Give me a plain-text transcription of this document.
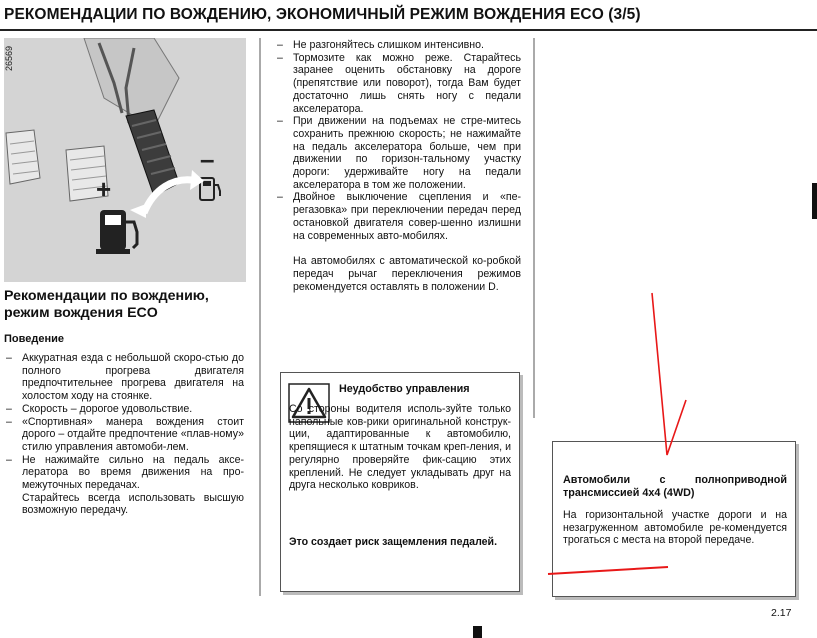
РЕКОМЕНДАЦИИ ПО ВОЖДЕНИЮ, ЭКОНОМИЧНЫЙ РЕЖИМ ВОЖДЕНИЯ ECO (3/5)
+
–
26569
Рекомендации по вождению,
режим вождения ECO
Поведение
– Аккуратная езда с небольшой скоро-стью до полного прогрева двигателя предпочтительнее прогрева двигателя на холостом ходу на стоянке.
– Скорость – дорогое удовольствие.
– «Спортивная» манера вождения стоит дорого – отдайте предпочтение «плав-ному» стилю управления автомоби-лем.
– Не нажимайте сильно на педаль аксе-лератора во время движения на про-межуточных передачах.
Старайтесь всегда использовать высшую возможную передачу.
– Не разгоняйтесь слишком интенсивно.
– Тормозите как можно реже. Старайтесь заранее оценить обстановку на дороге (препятствие или поворот), тогда Вам будет достаточно лишь снять ногу с педали акселератора.
– При движении на подъемах не стре-митесь сохранить прежнюю скорость; не нажимайте на педаль акселератора больше, чем при движении по горизон-тальному участку дороги: удерживайте ногу на педали акселератора в том же положении.
– Двойное выключение сцепления и «пе-регазовка» при переключении передач перед остановкой двигателя совер-шенно излишни на современных авто-мобилях.
На автомобилях с автоматической ко-робкой передач рычаг переключения режимов рекомендуется оставлять в положении D.
Неудобство управления
Со стороны водителя исполь-зуйте только напольные ков-рики оригинальной конструк-ции, адаптированные к автомобилю, крепящиеся к штатным точкам креп-ления, и регулярно проверяйте фик-сацию этих креплений. Не следует укладывать друг на друга несколько ковриков.
Это создает риск защемления педалей.
Автомобили с полноприводной трансмиссией 4x4 (4WD)
На горизонтальной участке дороги и на незагруженном автомобиле ре-комендуется трогаться с места на второй передаче.
2.17
